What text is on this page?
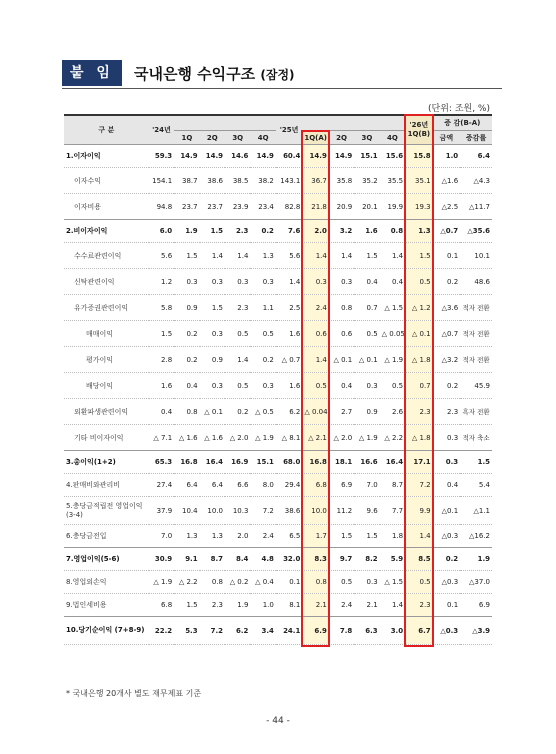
붙 임	국내은행 수익구조 (잠정)
(단위: 조원, %)
구 분	'24년					'25년					'26년 1Q(B)	증 감(B-A)	
		1Q	2Q	3Q	4Q		1Q(A)	2Q	3Q	4Q		금액	증감률
1.이자이익	59.3	14.9	14.9	14.6	14.9	60.4	14.9	14.9	15.1	15.6	15.8	1.0	6.4
이자수익	154.1	38.7	38.6	38.5	38.2	143.1	36.7	35.8	35.2	35.5	35.1	△1.6	△4.3
이자비용	94.8	23.7	23.7	23.9	23.4	82.8	21.8	20.9	20.1	19.9	19.3	△2.5	△11.7
2.비이자이익	6.0	1.9	1.5	2.3	0.2	7.6	2.0	3.2	1.6	0.8	1.3	△0.7	△35.6
수수료관련이익	5.6	1.5	1.4	1.4	1.3	5.6	1.4	1.4	1.5	1.4	1.5	0.1	10.1
신탁관련이익	1.2	0.3	0.3	0.3	0.3	1.4	0.3	0.3	0.4	0.4	0.5	0.2	48.6
유가증권관련이익	5.8	0.9	1.5	2.3	1.1	2.5	2.4	0.8	0.7	△ 1.5	△ 1.2	△3.6	적자 전환
매매이익	1.5	0.2	0.3	0.5	0.5	1.6	0.6	0.6	0.5	△ 0.05	△ 0.1	△0.7	적자 전환
평가이익	2.8	0.2	0.9	1.4	0.2	△ 0.7	1.4	△ 0.1	△ 0.1	△ 1.9	△ 1.8	△3.2	적자 전환
배당이익	1.6	0.4	0.3	0.5	0.3	1.6	0.5	0.4	0.3	0.5	0.7	0.2	45.9
외환파생관련이익	0.4	0.8	△ 0.1	0.2	△ 0.5	6.2	△ 0.04	2.7	0.9	2.6	2.3	2.3	흑자 전환
기타 비이자이익	△ 7.1	△ 1.6	△ 1.6	△ 2.0	△ 1.9	△ 8.1	△ 2.1	△ 2.0	△ 1.9	△ 2.2	△ 1.8	0.3	적자 축소
3.총이익(1+2)	65.3	16.8	16.4	16.9	15.1	68.0	16.8	18.1	16.6	16.4	17.1	0.3	1.5
4.판매비와관리비	27.4	6.4	6.4	6.6	8.0	29.4	6.8	6.9	7.0	8.7	7.2	0.4	5.4
5.충당금적립전 영업이익(3-4)	37.9	10.4	10.0	10.3	7.2	38.6	10.0	11.2	9.6	7.7	9.9	△0.1	△1.1
6.충당금전입	7.0	1.3	1.3	2.0	2.4	6.5	1.7	1.5	1.5	1.8	1.4	△0.3	△16.2
7.영업이익(5-6)	30.9	9.1	8.7	8.4	4.8	32.0	8.3	9.7	8.2	5.9	8.5	0.2	1.9
8.영업외손익	△ 1.9	△ 2.2	0.8	△ 0.2	△ 0.4	0.1	0.8	0.5	0.3	△ 1.5	0.5	△0.3	△37.0
9.법인세비용	6.8	1.5	2.3	1.9	1.0	8.1	2.1	2.4	2.1	1.4	2.3	0.1	6.9
10.당기순이익 (7+8-9)	22.2	5.3	7.2	6.2	3.4	24.1	6.9	7.8	6.3	3.0	6.7	△0.3	△3.9
* 국내은행 20개사 별도 재무제표 기준
- 44 -
